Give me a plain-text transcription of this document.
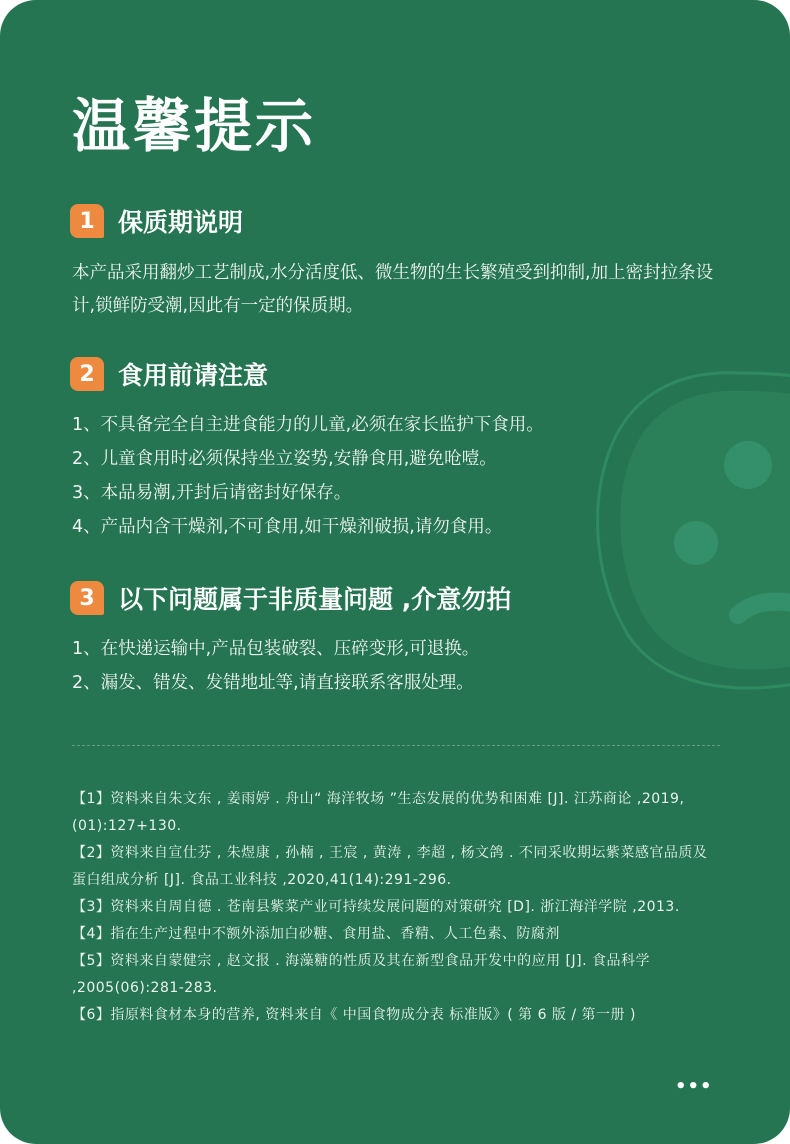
温馨提示
1 保质期说明

本产品采用翻炒工艺制成,水分活度低、微生物的生长繁殖受到抑制,加上密封拉条设计,锁鲜防受潮,因此有一定的保质期。

2 食用前请注意
1、不具备完全自主进食能力的儿童,必须在家长监护下食用。
2、儿童食用时必须保持坐立姿势,安静食用,避免呛噎。
3、本品易潮,开封后请密封好保存。
4、产品内含干燥剂,不可食用,如干燥剂破损,请勿食用。
3 以下问题属于非质量问题 ,介意勿拍
1、在快递运输中,产品包装破裂、压碎变形,可退换。
2、漏发、错发、发错地址等,请直接联系客服处理。
【1】资料来自朱文东 , 姜雨婷 . 舟山“ 海洋牧场 ”生态发展的优势和困难 [J]. 江苏商论 ,2019,(01):127+130.
【2】资料来自宣仕芬 , 朱煜康 , 孙楠 , 王宸 , 黄涛 , 李超 , 杨文鸽 . 不同采收期坛紫菜感官品质及蛋白组成分析 [J]. 食品工业科技 ,2020,41(14):291-296.
【3】资料来自周自德 . 苍南县紫菜产业可持续发展问题的对策研究 [D]. 浙江海洋学院 ,2013.
【4】指在生产过程中不额外添加白砂糖、食用盐、香精、人工色素、防腐剂
【5】资料来自蒙健宗 , 赵文报 . 海藻糖的性质及其在新型食品开发中的应用 [J]. 食品科学 ,2005(06):281-283.
【6】指原料食材本身的营养, 资料来自《 中国食物成分表 标准版》( 第 6 版 / 第一册 )
•••
